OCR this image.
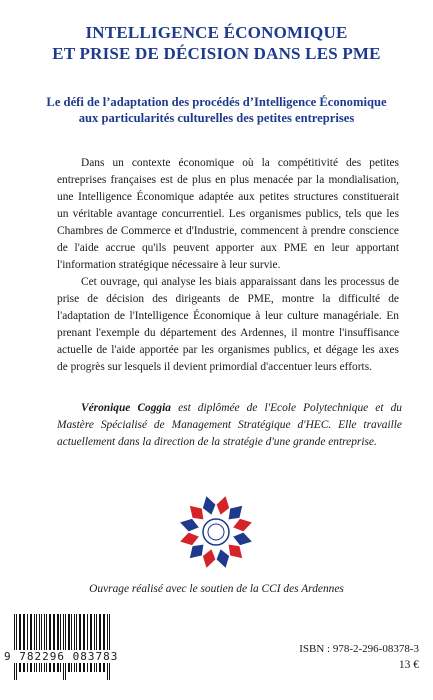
INTELLIGENCE ÉCONOMIQUE
ET PRISE DE DÉCISION DANS LES PME
Le défi de l’adaptation des procédés d’Intelligence Économique
aux particularités culturelles des petites entreprises

Dans un contexte économique où la compétitivité des petites entreprises françaises est de plus en plus menacée par la mondialisation, une Intelligence Économique adaptée aux petites structures constituerait un véritable avantage concurrentiel. Les organismes publics, tels que les Chambres de Commerce et d'Industrie, commencent à prendre conscience de l'aide accrue qu'ils peuvent apporter aux PME en leur apportant l'information stratégique nécessaire à leur survie.

Cet ouvrage, qui analyse les biais apparaissant dans les processus de prise de décision des dirigeants de PME, montre la difficulté de l'adaptation de l'Intelligence Économique à leur culture managériale. En prenant l'exemple du département des Ardennes, il montre l'insuffisance actuelle de l'aide apportée par les organismes publics, et dégage les axes de progrès sur lesquels il devient primordial d'accentuer leurs efforts.

Véronique Coggia est diplômée de l'Ecole Polytechnique et du Mastère Spécialisé de Management Stratégique d'HEC. Elle travaille actuellement dans la direction de la stratégie d'une grande entreprise.
Ouvrage réalisé avec le soutien de la CCI des Ardennes
9 782296 083783
ISBN : 978-2-296-08378-3
13 €
